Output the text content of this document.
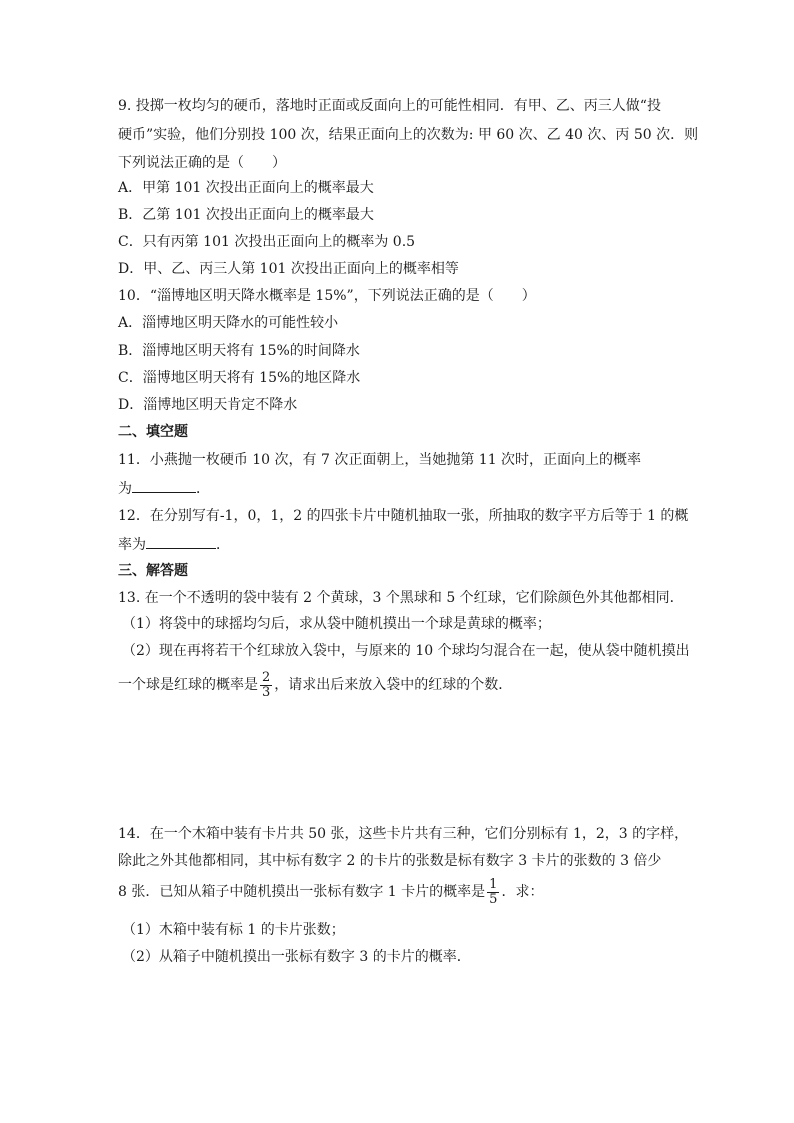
9. 投掷一枚均匀的硬币，落地时正面或反面向上的可能性相同．有甲、乙、丙三人做“投
硬币”实验，他们分别投 100 次，结果正面向上的次数为: 甲 60 次、乙 40 次、丙 50 次．则
下列说法正确的是（　　）
A．甲第 101 次投出正面向上的概率最大
B．乙第 101 次投出正面向上的概率最大
C．只有丙第 101 次投出正面向上的概率为 0.5
D．甲、乙、丙三人第 101 次投出正面向上的概率相等
10．“淄博地区明天降水概率是 15%”，下列说法正确的是（　　）
A．淄博地区明天降水的可能性较小
B．淄博地区明天将有 15%的时间降水
C．淄博地区明天将有 15%的地区降水
D．淄博地区明天肯定不降水
二、填空题
11．小燕抛一枚硬币 10 次，有 7 次正面朝上，当她抛第 11 次时，正面向上的概率
为	．
12．在分别写有-1，0，1，2 的四张卡片中随机抽取一张，所抽取的数字平方后等于 1 的概
率为	．
三、解答题
13. 在一个不透明的袋中装有 2 个黄球，3 个黑球和 5 个红球，它们除颜色外其他都相同．
（1）将袋中的球摇均匀后，求从袋中随机摸出一个球是黄球的概率；
（2）现在再将若干个红球放入袋中，与原来的 10 个球均匀混合在一起，使从袋中随机摸出
一个球是红球的概率是 $\frac{2}{3}$ ，请求出后来放入袋中的红球的个数．
14．在一个木箱中装有卡片共 50 张，这些卡片共有三种，它们分别标有 1，2，3 的字样，
除此之外其他都相同，其中标有数字 2 的卡片的张数是标有数字 3 卡片的张数的 3 倍少
8 张．已知从箱子中随机摸出一张标有数字 1 卡片的概率是 $\frac{1}{5}$ ．求：
（1）木箱中装有标 1 的卡片张数；
（2）从箱子中随机摸出一张标有数字 3 的卡片的概率．
